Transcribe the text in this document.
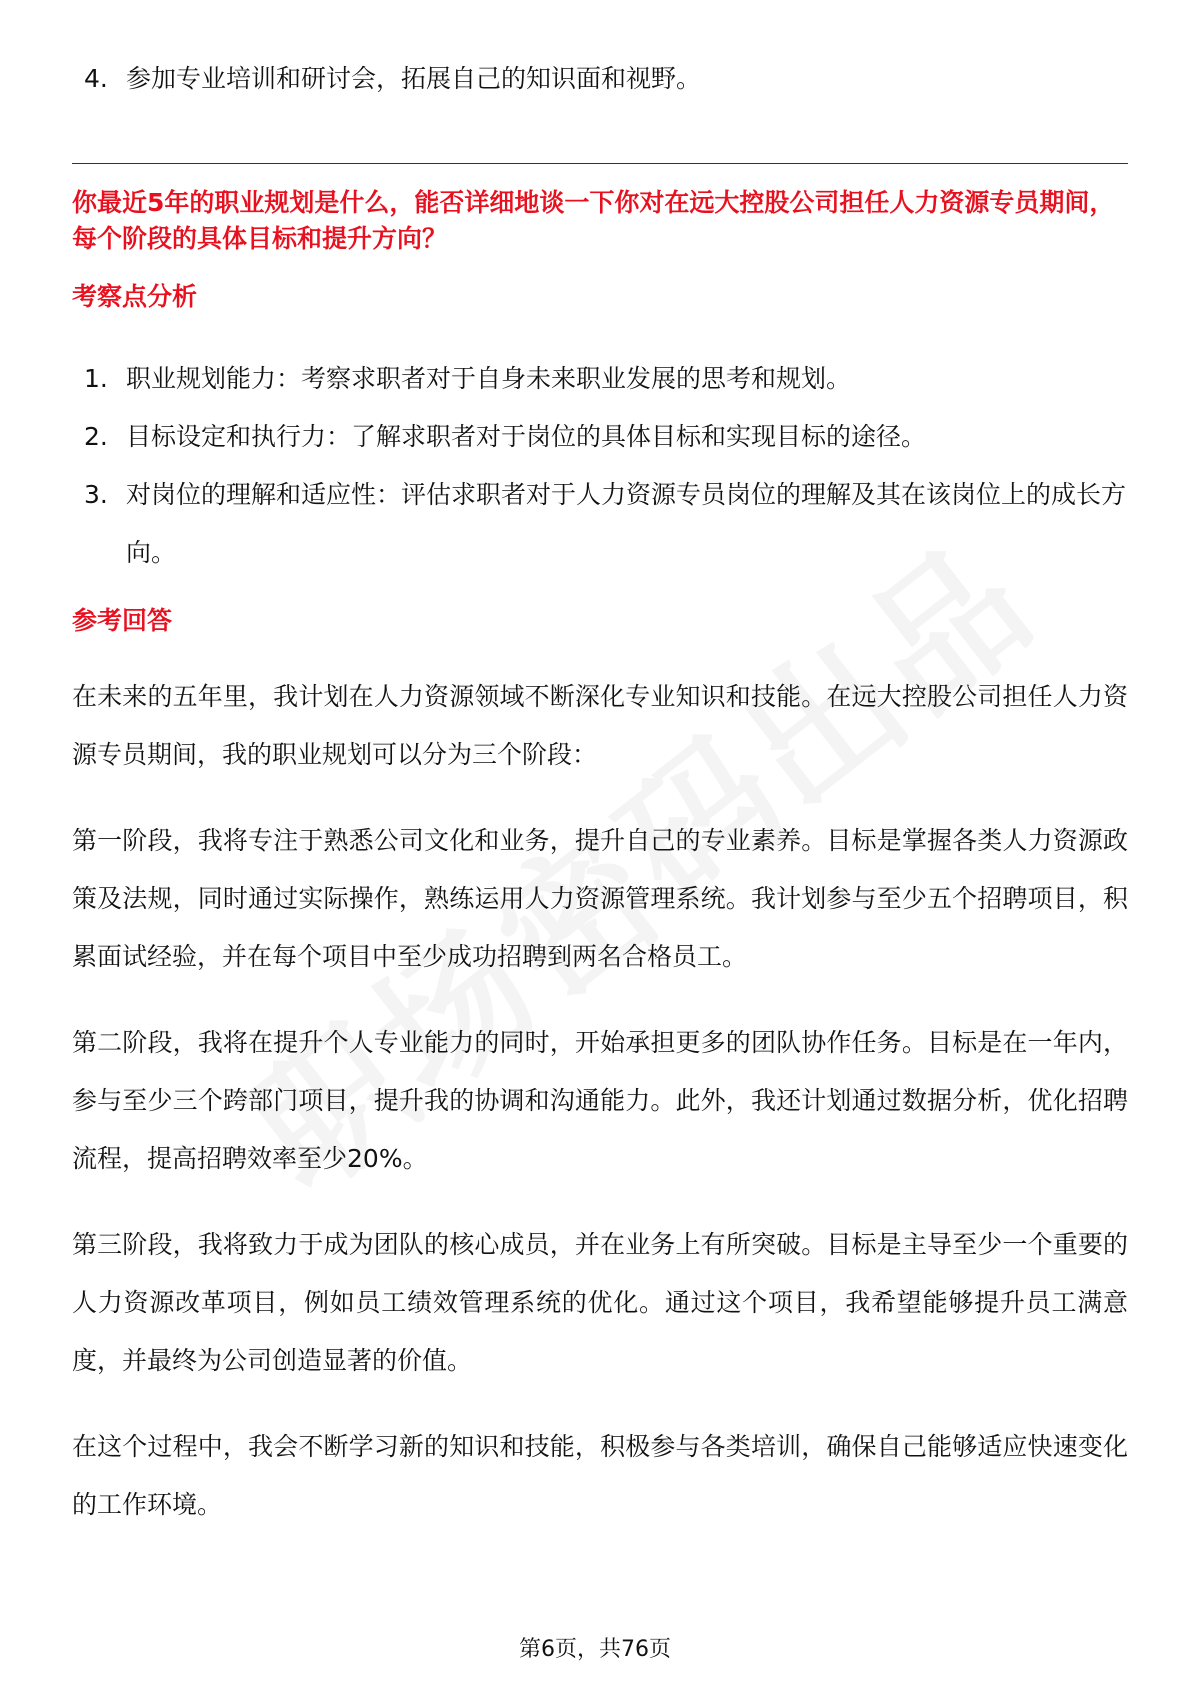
4. 参加专业培训和研讨会，拓展自己的知识面和视野。
你最近5年的职业规划是什么，能否详细地谈一下你对在远大控股公司担任人力资源专员期间，每个阶段的具体目标和提升方向？
考察点分析
1. 职业规划能力：考察求职者对于自身未来职业发展的思考和规划。
2. 目标设定和执行力：了解求职者对于岗位的具体目标和实现目标的途径。
3. 对岗位的理解和适应性：评估求职者对于人力资源专员岗位的理解及其在该岗位上的成长方向。
参考回答

在未来的五年里，我计划在人力资源领域不断深化专业知识和技能。在远大控股公司担任人力资源专员期间，我的职业规划可以分为三个阶段：

第一阶段，我将专注于熟悉公司文化和业务，提升自己的专业素养。目标是掌握各类人力资源政策及法规，同时通过实际操作，熟练运用人力资源管理系统。我计划参与至少五个招聘项目，积累面试经验，并在每个项目中至少成功招聘到两名合格员工。

第二阶段，我将在提升个人专业能力的同时，开始承担更多的团队协作任务。目标是在一年内，参与至少三个跨部门项目，提升我的协调和沟通能力。此外，我还计划通过数据分析，优化招聘流程，提高招聘效率至少20%。

第三阶段，我将致力于成为团队的核心成员，并在业务上有所突破。目标是主导至少一个重要的人力资源改革项目，例如员工绩效管理系统的优化。通过这个项目，我希望能够提升员工满意度，并最终为公司创造显著的价值。

在这个过程中，我会不断学习新的知识和技能，积极参与各类培训，确保自己能够适应快速变化的工作环境。

第6页，共76页
